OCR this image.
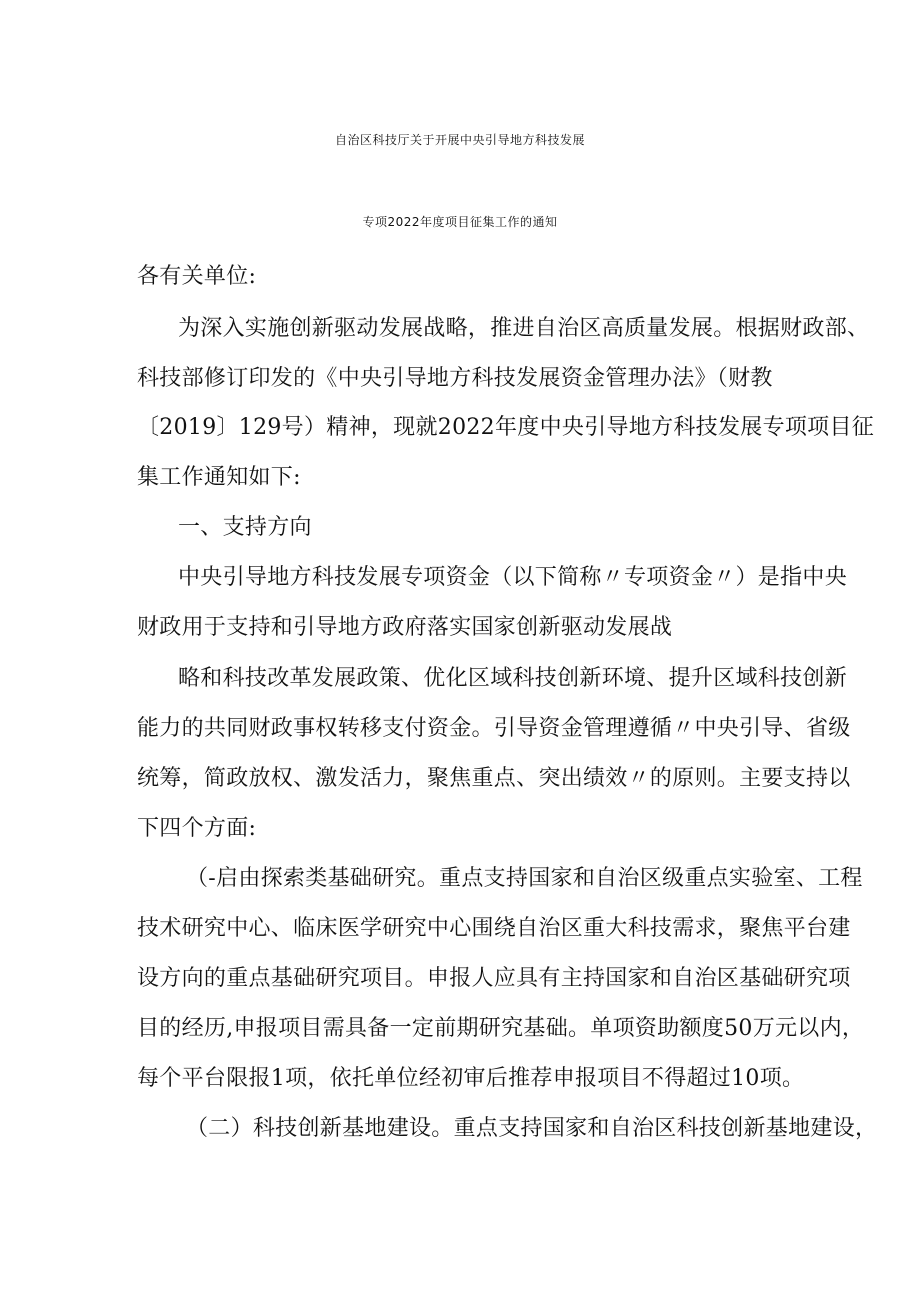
自治区科技厅关于开展中央引导地方科技发展
专项2022年度项目征集工作的通知
各有关单位:
为深入实施创新驱动发展战略，推进自治区高质量发展。根据财政部、
科技部修订印发的《中央引导地方科技发展资金管理办法》（财教
〔2019〕129号）精神，现就2022年度中央引导地方科技发展专项项目征
集工作通知如下:
一、支持方向
中央引导地方科技发展专项资金（以下简称〃专项资金〃）是指中央
财政用于支持和引导地方政府落实国家创新驱动发展战
略和科技改革发展政策、优化区域科技创新环境、提升区域科技创新
能力的共同财政事权转移支付资金。引导资金管理遵循〃中央引导、省级
统筹，简政放权、激发活力，聚焦重点、突出绩效〃的原则。主要支持以
下四个方面:
（-启由探索类基础研究。重点支持国家和自治区级重点实验室、工程
技术研究中心、临床医学研究中心围绕自治区重大科技需求，聚焦平台建
设方向的重点基础研究项目。申报人应具有主持国家和自治区基础研究项
目的经历,申报项目需具备一定前期研究基础。单项资助额度50万元以内，
每个平台限报1项，依托单位经初审后推荐申报项目不得超过10项。
（二）科技创新基地建设。重点支持国家和自治区科技创新基地建设，
